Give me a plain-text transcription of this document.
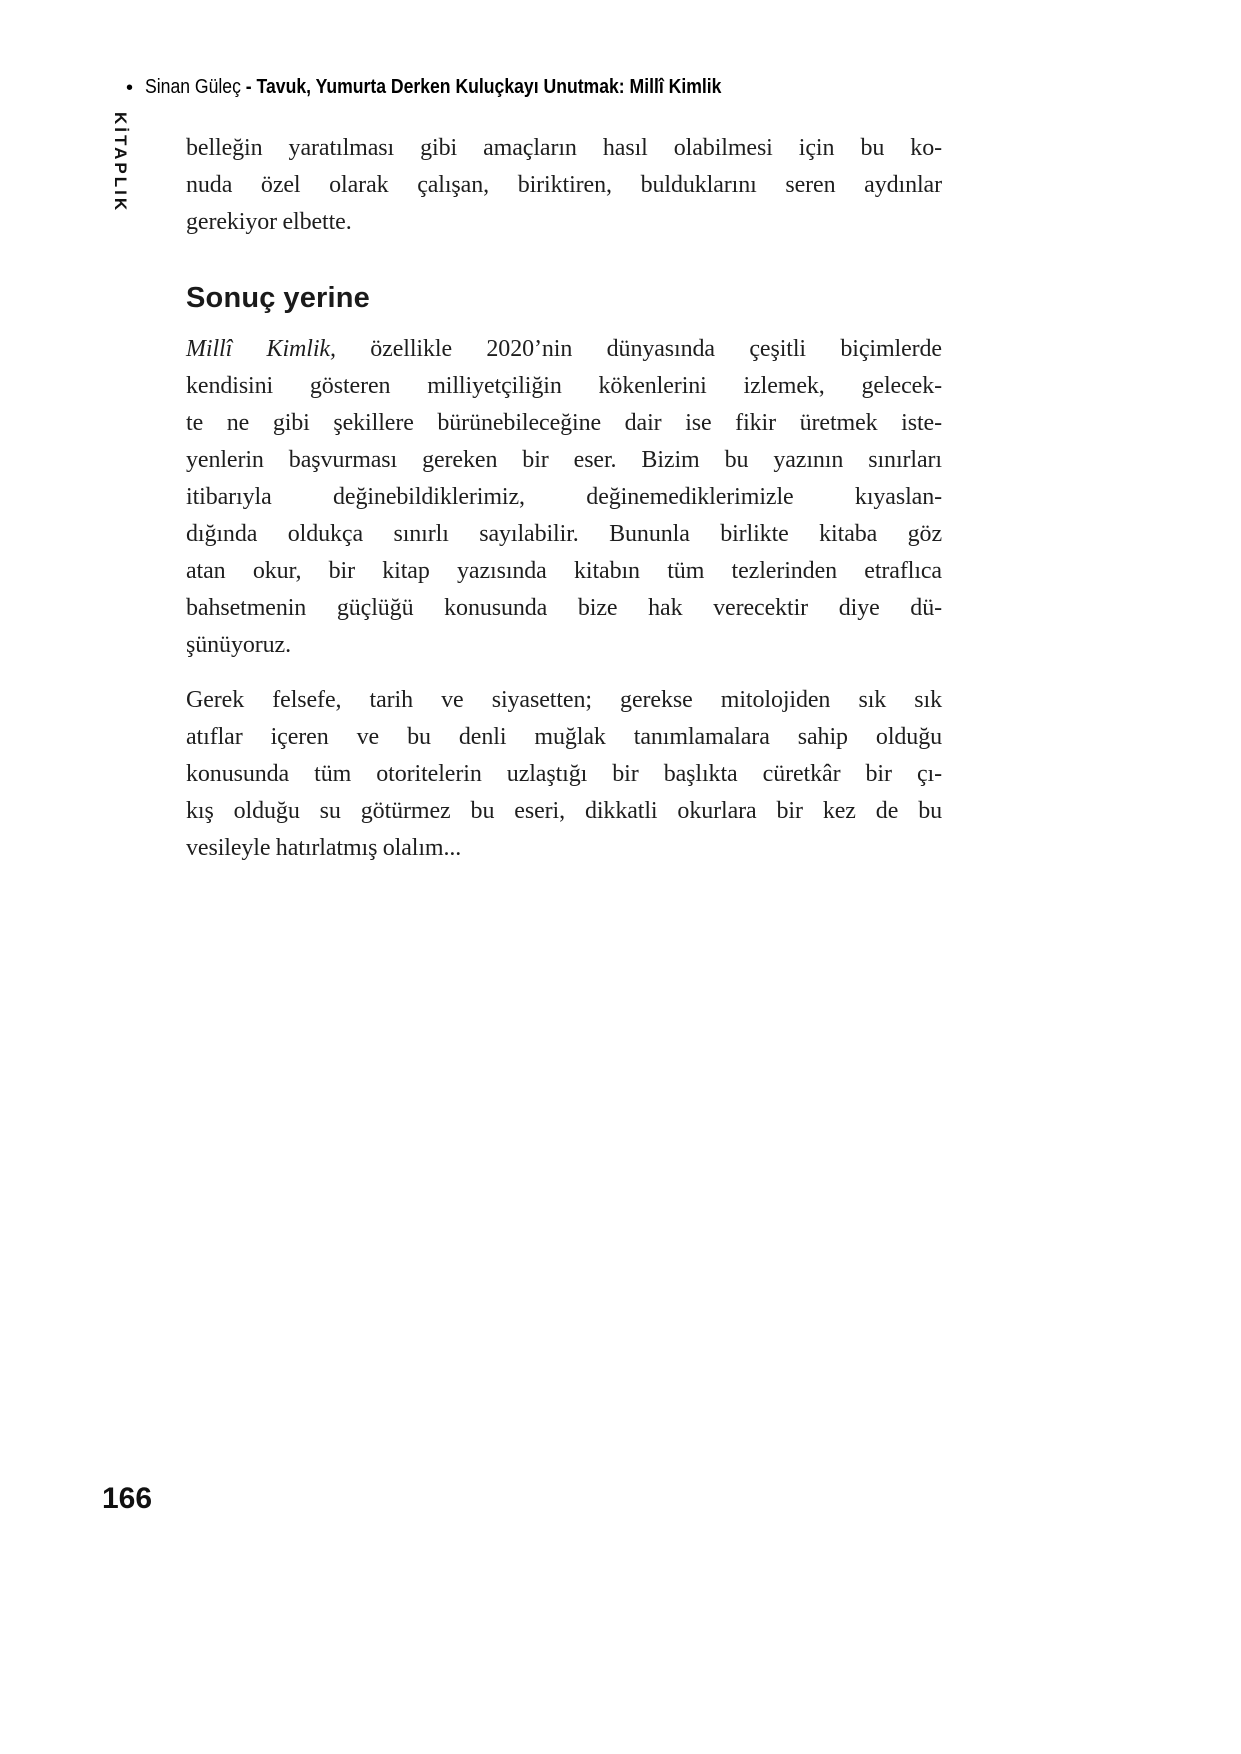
• Sinan Güleç - Tavuk, Yumurta Derken Kuluçkayı Unutmak: Millî Kimlik
KİTAPLIK belleğin yaratılması gibi amaçların hasıl olabilmesi için bu ko-
nuda özel olarak çalışan, biriktiren, bulduklarını seren aydınlar
gerekiyor elbette.

Sonuç yerine

Millî Kimlik, özellikle 2020’nin dünyasında çeşitli biçimlerde
kendisini gösteren milliyetçiliğin kökenlerini izlemek, gelecek-
te ne gibi şekillere bürünebileceğine dair ise fikir üretmek iste-
yenlerin başvurması gereken bir eser. Bizim bu yazının sınırları
itibarıyla değinebildiklerimiz, değinemediklerimizle kıyaslan-
dığında oldukça sınırlı sayılabilir. Bununla birlikte kitaba göz
atan okur, bir kitap yazısında kitabın tüm tezlerinden etraflıca
bahsetmenin güçlüğü konusunda bize hak verecektir diye dü-
şünüyoruz.

Gerek felsefe, tarih ve siyasetten; gerekse mitolojiden sık sık
atıflar içeren ve bu denli muğlak tanımlamalara sahip olduğu
konusunda tüm otoritelerin uzlaştığı bir başlıkta cüretkâr bir çı-
kış olduğu su götürmez bu eseri, dikkatli okurlara bir kez de bu
vesileyle hatırlatmış olalım...

166
